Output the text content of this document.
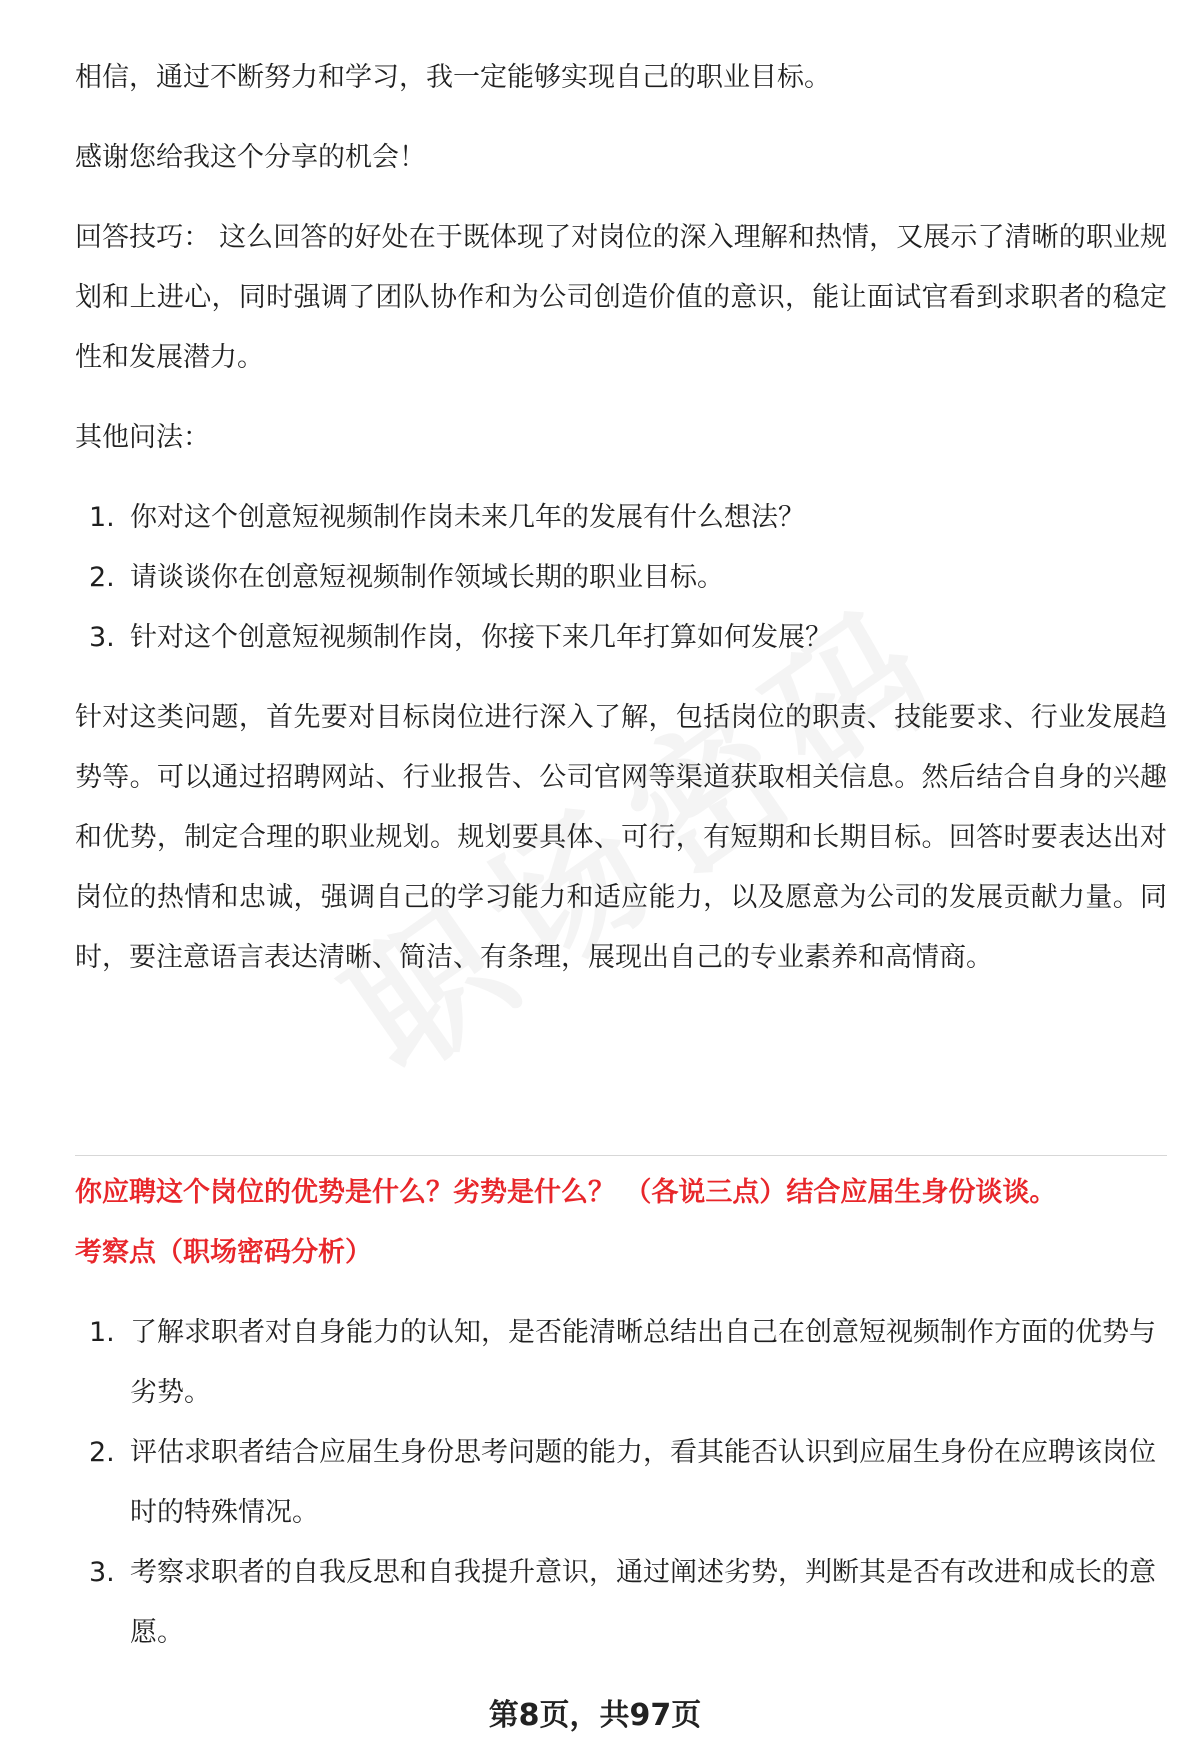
相信，通过不断努力和学习，我一定能够实现自己的职业目标。

感谢您给我这个分享的机会！

回答技巧： 这么回答的好处在于既体现了对岗位的深入理解和热情，又展示了清晰的职业规划和上进心，同时强调了团队协作和为公司创造价值的意识，能让面试官看到求职者的稳定性和发展潜力。

其他问法：

1. 你对这个创意短视频制作岗未来几年的发展有什么想法？
2. 请谈谈你在创意短视频制作领域长期的职业目标。
3. 针对这个创意短视频制作岗，你接下来几年打算如何发展？

针对这类问题，首先要对目标岗位进行深入了解，包括岗位的职责、技能要求、行业发展趋势等。可以通过招聘网站、行业报告、公司官网等渠道获取相关信息。然后结合自身的兴趣和优势，制定合理的职业规划。规划要具体、可行，有短期和长期目标。回答时要表达出对岗位的热情和忠诚，强调自己的学习能力和适应能力，以及愿意为公司的发展贡献力量。同时，要注意语言表达清晰、简洁、有条理，展现出自己的专业素养和高情商。

你应聘这个岗位的优势是什么？劣势是什么？ （各说三点）结合应届生身份谈谈。
考察点（职场密码分析）
1. 了解求职者对自身能力的认知，是否能清晰总结出自己在创意短视频制作方面的优势与劣势。
2. 评估求职者结合应届生身份思考问题的能力，看其能否认识到应届生身份在应聘该岗位时的特殊情况。
3. 考察求职者的自我反思和自我提升意识，通过阐述劣势，判断其是否有改进和成长的意愿。
第8页，共97页
